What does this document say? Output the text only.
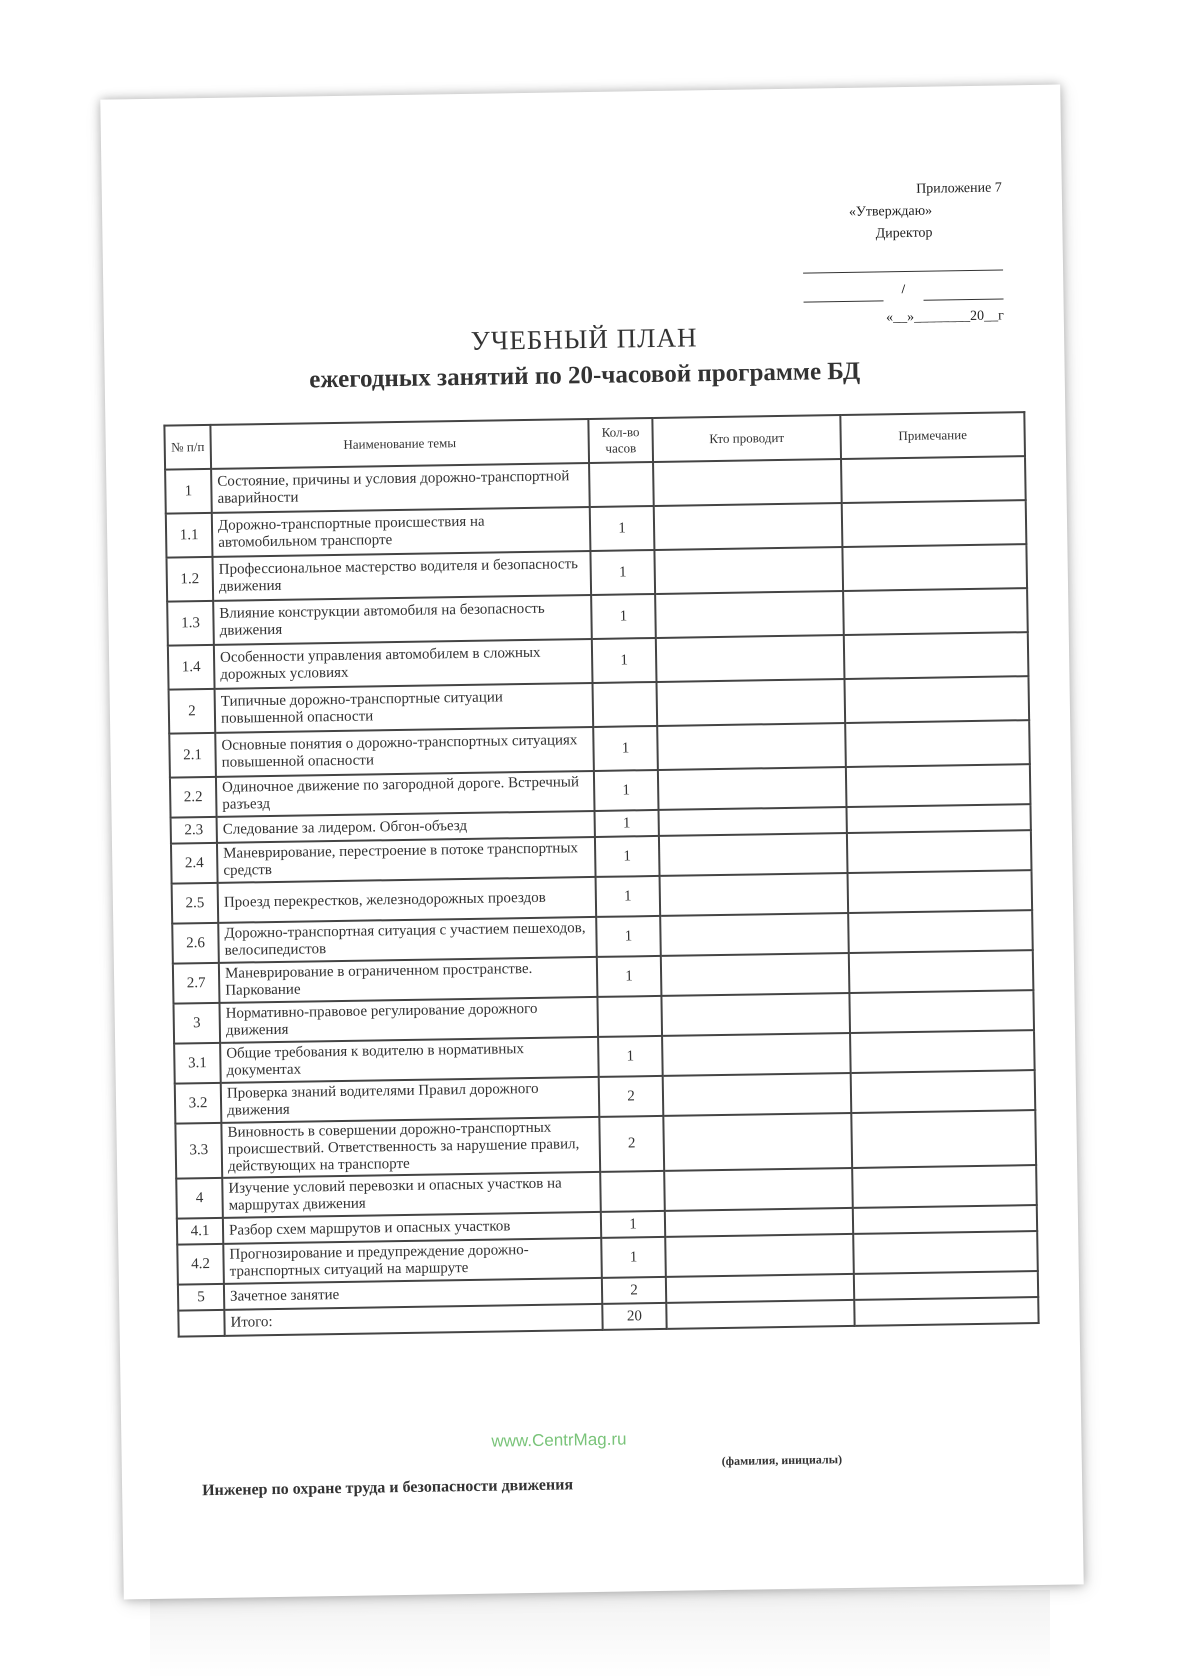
Приложение 7
«Утверждаю»
Директор

/

«__»________20__г
УЧЕБНЫЙ ПЛАН
ежегодных занятий по 20-часовой программе БД
№ п/п	Наименование темы	Кол-во часов	Кто проводит	Примечание
1	Состояние, причины и условия дорожно-транспортной аварийности			
1.1	Дорожно-транспортные происшествия на автомобильном транспорте	1		
1.2	Профессиональное мастерство водителя и безопасность движения	1		
1.3	Влияние конструкции автомобиля на безопасность движения	1		
1.4	Особенности управления автомобилем в сложных дорожных условиях	1		
2	Типичные дорожно-транспортные ситуации повышенной опасности			
2.1	Основные понятия о дорожно-транспортных ситуациях повышенной опасности	1		
2.2	Одиночное движение по загородной дороге. Встречный разъезд	1		
2.3	Следование за лидером. Обгон-объезд	1		
2.4	Маневрирование, перестроение в потоке транспортных средств	1		
2.5	Проезд перекрестков, железнодорожных проездов	1		
2.6	Дорожно-транспортная ситуация с участием пешеходов, велосипедистов	1		
2.7	Маневрирование в ограниченном пространстве. Паркование	1		
3	Нормативно-правовое регулирование дорожного движения			
3.1	Общие требования к водителю в нормативных документах	1		
3.2	Проверка знаний водителями Правил дорожного движения	2		
3.3	Виновность в совершении дорожно-транспортных происшествий. Ответственность за нарушение правил, действующих на транспорте	2		
4	Изучение условий перевозки и опасных участков на маршрутах движения			
4.1	Разбор схем маршрутов и опасных участков	1		
4.2	Прогнозирование и предупреждение дорожно-транспортных ситуаций на маршруте	1		
5	Зачетное занятие	2		
	Итого:	20		
Инженер по охране труда и безопасности движения
(фамилия, инициалы)
www.CentrMag.ru
